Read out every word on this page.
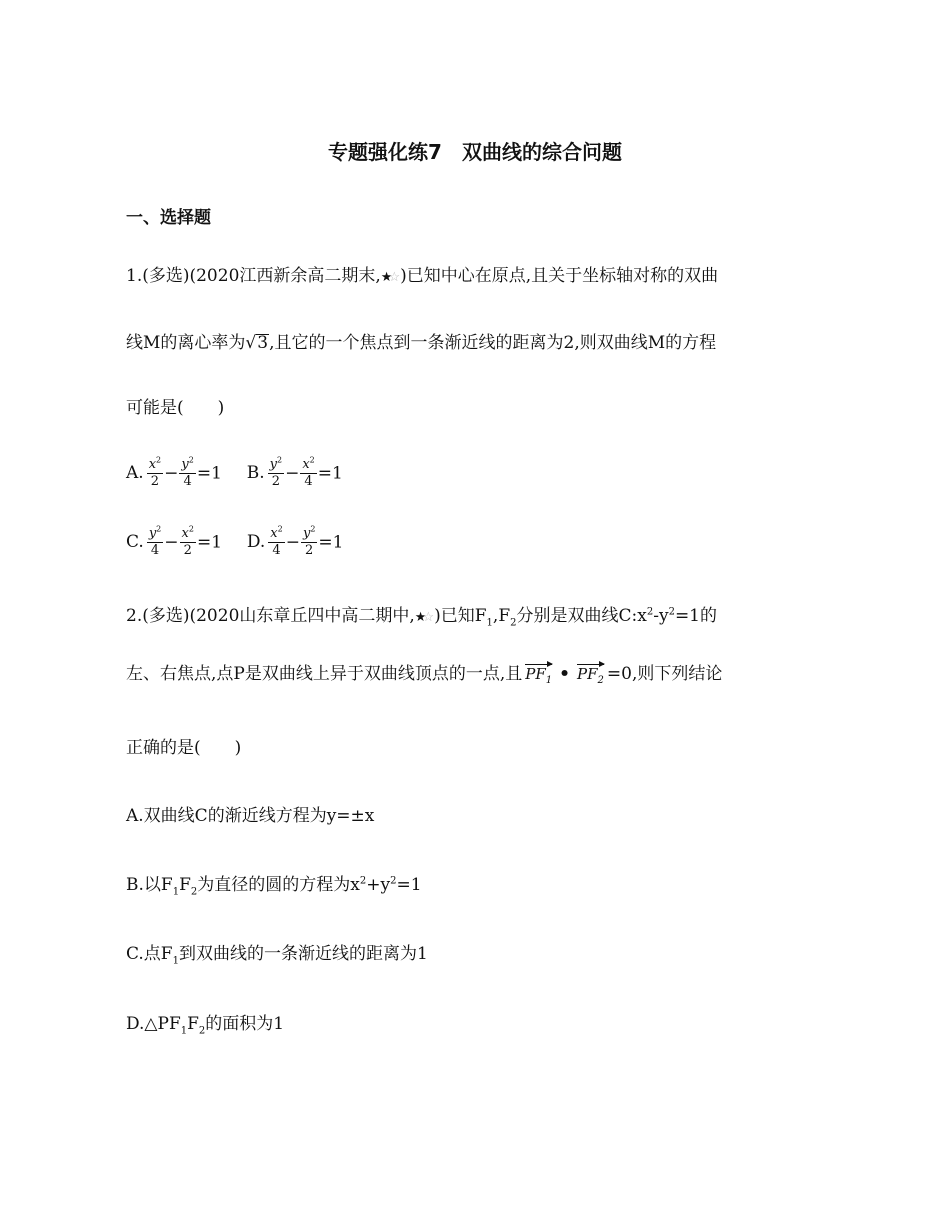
专题强化练7　双曲线的综合问题
一、选择题
1.(多选)(2020江西新余高二期末,★☆ )已知中心在原点,且关于坐标轴对称的双曲
线M的离心率为√3,且它的一个焦点到一条渐近线的距离为2,则双曲线M的方程
可能是(　　)
A. $\frac{x^2}{2} - \frac{y^2}{4} =1$ B. $\frac{y^2}{2} - \frac{x^2}{4} =1$
C. $\frac{y^2}{4} - \frac{x^2}{2} =1$ D. $\frac{x^2}{4} - \frac{y^2}{2} =1$
2.(多选)(2020山东章丘四中高二期中,★☆ )已知$F_1,F_2$分别是双曲线$C:x^2-y^2=1$的
左、右焦点,点P是双曲线上异于双曲线顶点的一点,且 $PF_1$ • $PF_2 =0$,则下列结论
正确的是(　　)
A.双曲线C的渐近线方程为y=±x
B.以$F_1F_2$为直径的圆的方程为$x^2+y^2=1$
C.点$F_1$到双曲线的一条渐近线的距离为1
$D.\triangle PF_1F_2$的面积为1
